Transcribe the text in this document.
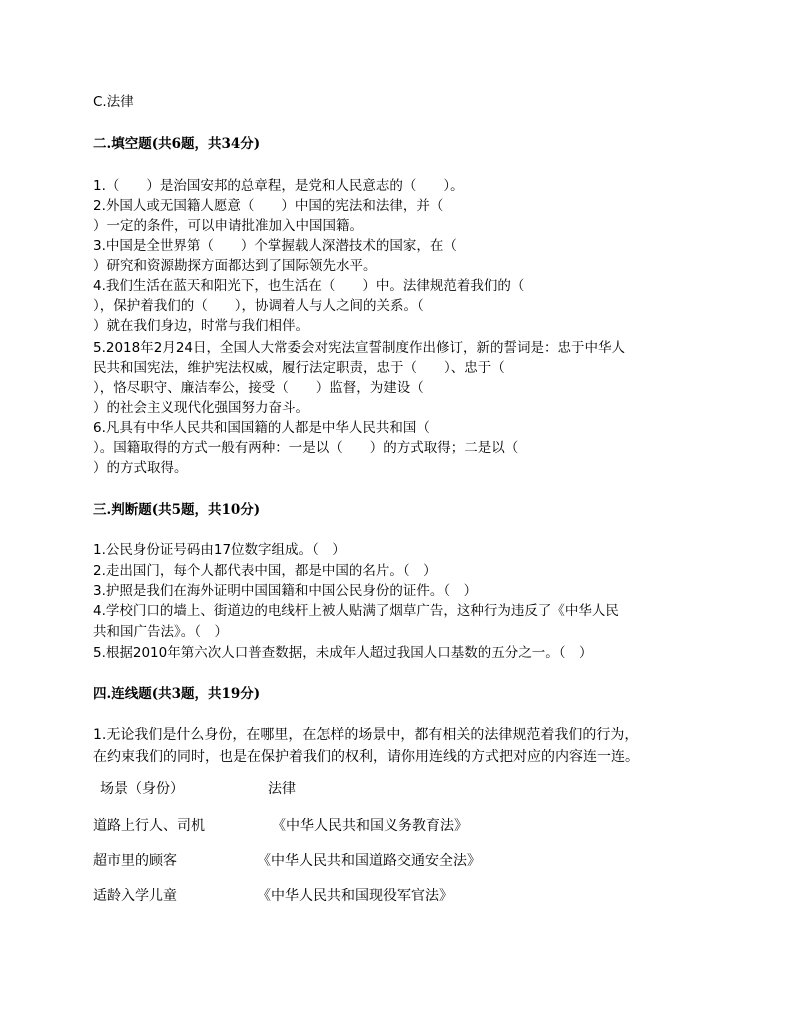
C.法律
二.填空题(共6题，共34分)
1.（　　）是治国安邦的总章程，是党和人民意志的（　　）。
2.外国人或无国籍人愿意（　　）中国的宪法和法律，并（
）一定的条件，可以申请批准加入中国国籍。
3.中国是全世界第（　　）个掌握载人深潜技术的国家，在（
）研究和资源勘探方面都达到了国际领先水平。
4.我们生活在蓝天和阳光下，也生活在（　　）中。法律规范着我们的（
），保护着我们的（　　），协调着人与人之间的关系。（
）就在我们身边，时常与我们相伴。
5.2018年2月24日，全国人大常委会对宪法宣誓制度作出修订，新的誓词是：忠于中华人
民共和国宪法，维护宪法权威，履行法定职责，忠于（　　）、忠于（
），恪尽职守、廉洁奉公，接受（　　）监督，为建设（
）的社会主义现代化强国努力奋斗。
6.凡具有中华人民共和国国籍的人都是中华人民共和国（
）。国籍取得的方式一般有两种：一是以（　　）的方式取得；二是以（
）的方式取得。
三.判断题(共5题，共10分)
1.公民身份证号码由17位数字组成。（　）
2.走出国门，每个人都代表中国，都是中国的名片。（　）
3.护照是我们在海外证明中国国籍和中国公民身份的证件。（　）
4.学校门口的墙上、街道边的电线杆上被人贴满了烟草广告，这种行为违反了《中华人民
共和国广告法》。（　）
5.根据2010年第六次人口普查数据，未成年人超过我国人口基数的五分之一。（　）
四.连线题(共3题，共19分)
1.无论我们是什么身份，在哪里，在怎样的场景中，都有相关的法律规范着我们的行为，
在约束我们的同时，也是在保护着我们的权利，请你用连线的方式把对应的内容连一连。
场景（身份）	法律
道路上行人、司机	《中华人民共和国义务教育法》
超市里的顾客	《中华人民共和国道路交通安全法》
适龄入学儿童	《中华人民共和国现役军官法》
